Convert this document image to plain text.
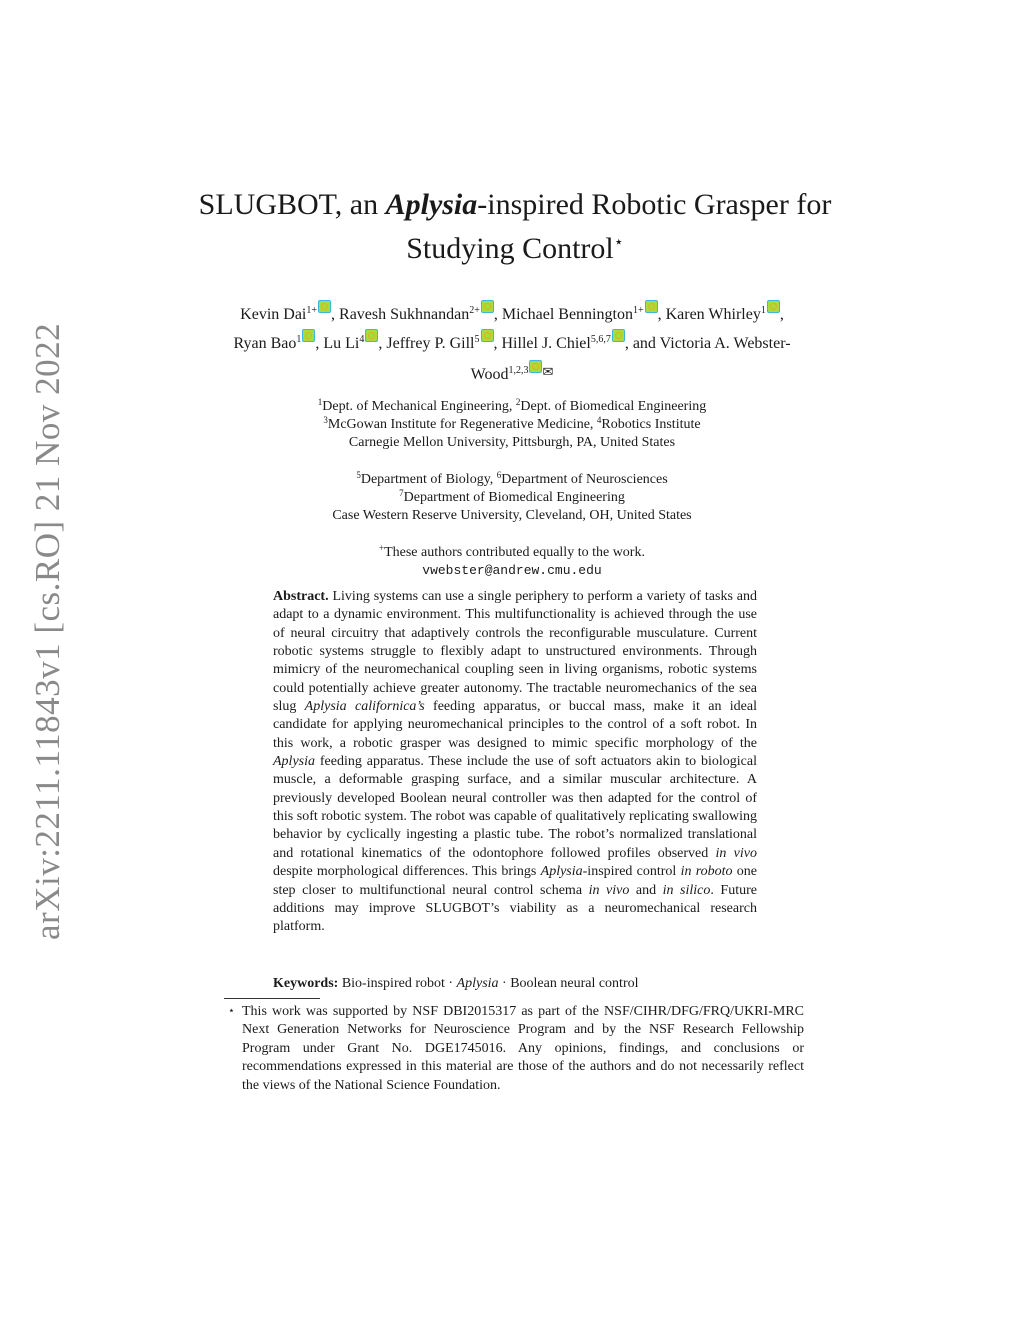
arXiv:2211.11843v1 [cs.RO] 21 Nov 2022
SLUGBOT, an Aplysia-inspired Robotic Grasper for Studying Control⋆
Kevin Dai$^{1+}$ , Ravesh Sukhnandan$^{2+}$ , Michael Bennington$^{1+}$ , Karen Whirley$^1$ , Ryan Bao$^1$ , Lu Li$^4$ , Jeffrey P. Gill$^5$ , Hillel J. Chiel$^{5,6,7}$ , and Victoria A. Webster-Wood$^{1,2,3}$ ✉
$^1$Dept. of Mechanical Engineering, $^2$Dept. of Biomedical Engineering
$^3$McGowan Institute for Regenerative Medicine, $^4$Robotics Institute
Carnegie Mellon University, Pittsburgh, PA, United States
$^5$Department of Biology, $^6$Department of Neurosciences
$^7$Department of Biomedical Engineering
Case Western Reserve University, Cleveland, OH, United States
+These authors contributed equally to the work.
vwebster@andrew.cmu.edu
Abstract. Living systems can use a single periphery to perform a variety of tasks and adapt to a dynamic environment. This multifunctionality is achieved through the use of neural circuitry that adaptively controls the reconfigurable musculature. Current robotic systems struggle to flexibly adapt to unstructured environments. Through mimicry of the neuromechanical coupling seen in living organisms, robotic systems could potentially achieve greater autonomy. The tractable neuromechanics of the sea slug Aplysia californica’s feeding apparatus, or buccal mass, make it an ideal candidate for applying neuromechanical principles to the control of a soft robot. In this work, a robotic grasper was designed to mimic specific morphology of the Aplysia feeding apparatus. These include the use of soft actuators akin to biological muscle, a deformable grasping surface, and a similar muscular architecture. A previously developed Boolean neural controller was then adapted for the control of this soft robotic system. The robot was capable of qualitatively replicating swallowing behavior by cyclically ingesting a plastic tube. The robot’s normalized translational and rotational kinematics of the odontophore followed profiles observed in vivo despite morphological differences. This brings Aplysia-inspired control in roboto one step closer to multifunctional neural control schema in vivo and in silico. Future additions may improve SLUGBOT’s viability as a neuromechanical research platform.
Keywords: Bio-inspired robot · Aplysia · Boolean neural control
⋆ This work was supported by NSF DBI2015317 as part of the NSF/CIHR/DFG/FRQ/UKRI-MRC Next Generation Networks for Neuroscience Program and by the NSF Research Fellowship Program under Grant No. DGE1745016. Any opinions, findings, and conclusions or recommendations expressed in this material are those of the authors and do not necessarily reflect the views of the National Science Foundation.
